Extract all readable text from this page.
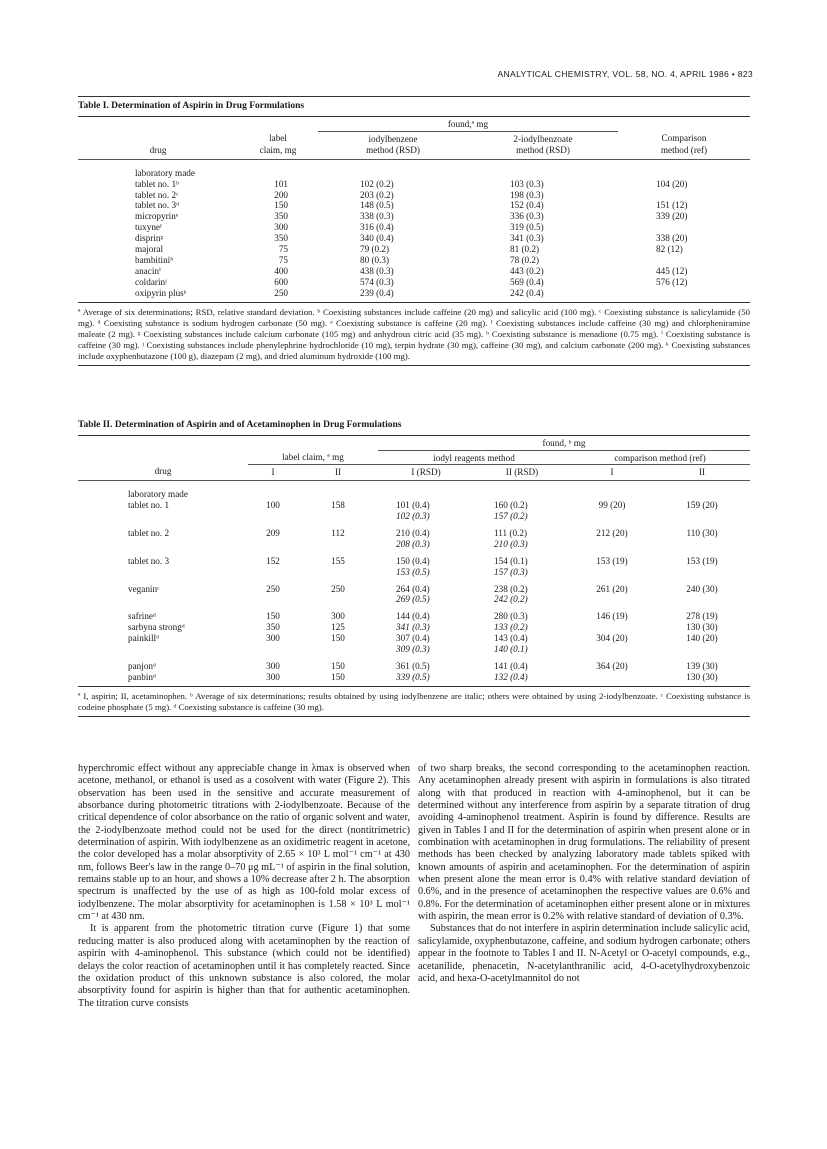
ANALYTICAL CHEMISTRY, VOL. 58, NO. 4, APRIL 1986 • 823
Table I. Determination of Aspirin in Drug Formulations
		found,ª mg		
	label	iodylbenzene	2-iodylbenzoate	Comparison
drug	claim, mg	method (RSD)	method (RSD)	method (ref)
laboratory made				
tablet no. 1ᵇ	101	102 (0.2)	103 (0.3)	104 (20)
tablet no. 2ᶜ	200	203 (0.2)	198 (0.3)	
tablet no. 3ᵈ	150	148 (0.5)	152 (0.4)	151 (12)
micropyrinᵉ	350	338 (0.3)	336 (0.3)	339 (20)
tuxyneᶠ	300	316 (0.4)	319 (0.5)	
disprinᵍ	350	340 (0.4)	341 (0.3)	338 (20)
majoral	75	79 (0.2)	81 (0.2)	82 (12)
bambitiniʰ	75	80 (0.3)	78 (0.2)	
anacinⁱ	400	438 (0.3)	443 (0.2)	445 (12)
coldarinʲ	600	574 (0.3)	569 (0.4)	576 (12)
oxipyrin plusᵏ	250	239 (0.4)	242 (0.4)	
ª Average of six determinations; RSD, relative standard deviation. ᵇ Coexisting substances include caffeine (20 mg) and salicylic acid (100 mg). ᶜ Coexisting substance is salicylamide (50 mg). ᵈ Coexisting substance is sodium hydrogen carbonate (50 mg). ᵉ Coexisting substance is caffeine (20 mg). ᶠ Coexisting substances include caffeine (30 mg) and chlorpheniramine maleate (2 mg). ᵍ Coexisting substances include calcium carbonate (105 mg) and anhydrous citric acid (35 mg). ʰ Coexisting substance is menadione (0.75 mg). ⁱ Coexisting substance is caffeine (30 mg). ʲ Coexisting substances include phenylephrine hydrochloride (10 mg), terpin hydrate (30 mg), caffeine (30 mg), and calcium carbonate (200 mg). ᵏ Coexisting substances include oxyphenbutazone (100 g), diazepam (2 mg), and dried aluminum hydroxide (100 mg).
Table II. Determination of Aspirin and of Acetaminophen in Drug Formulations
			found, ᵇ mg			
	label claim, ª mg		iodyl reagents method		comparison method (ref)	
drug	I	II	I (RSD)	II (RSD)	I	II
laboratory made						
tablet no. 1	100	158	101 (0.4)	160 (0.2)	99 (20)	159 (20)
			102 (0.3)	157 (0.2)		

tablet no. 2	209	112	210 (0.4)	111 (0.2)	212 (20)	110 (30)
			208 (0.3)	210 (0.3)		

tablet no. 3	152	155	150 (0.4)	154 (0.1)	153 (19)	153 (19)
			153 (0.5)	157 (0.3)		

veganinᶜ	250	250	264 (0.4)	238 (0.2)	261 (20)	240 (30)
			269 (0.5)	242 (0.2)		

safrineᵈ	150	300	144 (0.4)	280 (0.3)	146 (19)	278 (19)
sarbyna strongᵈ	350	125	341 (0.3)	133 (0.2)		130 (30)
painkillᵈ	300	150	307 (0.4)	143 (0.4)	304 (20)	140 (20)
			309 (0.3)	140 (0.1)		

panjonᵈ	300	150	361 (0.5)	141 (0.4)	364 (20)	139 (30)
panbinᵈ	300	150	339 (0.5)	132 (0.4)		130 (30)
ª I, aspirin; II, acetaminophen. ᵇ Average of six determinations; results obtained by using iodylbenzene are italic; others were obtained by using 2-iodylbenzoate. ᶜ Coexisting substance is codeine phosphate (5 mg). ᵈ Coexisting substance is caffeine (30 mg).

hyperchromic effect without any appreciable change in λmax is observed when acetone, methanol, or ethanol is used as a cosolvent with water (Figure 2). This observation has been used in the sensitive and accurate measurement of absorbance during photometric titrations with 2-iodylbenzoate. Because of the critical dependence of color absorbance on the ratio of organic solvent and water, the 2-iodylbenzoate method could not be used for the direct (nontitrimetric) determination of aspirin. With iodylbenzene as an oxidimetric reagent in acetone, the color developed has a molar absorptivity of 2.65 × 10³ L mol⁻¹ cm⁻¹ at 430 nm, follows Beer's law in the range 0–70 μg mL⁻¹ of aspirin in the final solution, remains stable up to an hour, and shows a 10% decrease after 2 h. The absorption spectrum is unaffected by the use of as high as 100-fold molar excess of iodylbenzene. The molar absorptivity for acetaminophen is 1.58 × 10³ L mol⁻¹ cm⁻¹ at 430 nm.

It is apparent from the photometric titration curve (Figure 1) that some reducing matter is also produced along with acetaminophen by the reaction of aspirin with 4-aminophenol. This substance (which could not be identified) delays the color reaction of acetaminophen until it has completely reacted. Since the oxidation product of this unknown substance is also colored, the molar absorptivity found for aspirin is higher than that for authentic acetaminophen. The titration curve consists

of two sharp breaks, the second corresponding to the acetaminophen reaction. Any acetaminophen already present with aspirin in formulations is also titrated along with that produced in reaction with 4-aminophenol, but it can be determined without any interference from aspirin by a separate titration of drug avoiding 4-aminophenol treatment. Aspirin is found by difference. Results are given in Tables I and II for the determination of aspirin when present alone or in combination with acetaminophen in drug formulations. The reliability of present methods has been checked by analyzing laboratory made tablets spiked with known amounts of aspirin and acetaminophen. For the determination of aspirin when present alone the mean error is 0.4% with relative standard deviation of 0.6%, and in the presence of acetaminophen the respective values are 0.6% and 0.8%. For the determination of acetaminophen either present alone or in mixtures with aspirin, the mean error is 0.2% with relative standard of deviation of 0.3%.

Substances that do not interfere in aspirin determination include salicylic acid, salicylamide, oxyphenbutazone, caffeine, and sodium hydrogen carbonate; others appear in the footnote to Tables I and II. N-Acetyl or O-acetyl compounds, e.g., acetanilide, phenacetin, N-acetylanthranilic acid, 4-O-acetylhydroxybenzoic acid, and hexa-O-acetylmannitol do not
